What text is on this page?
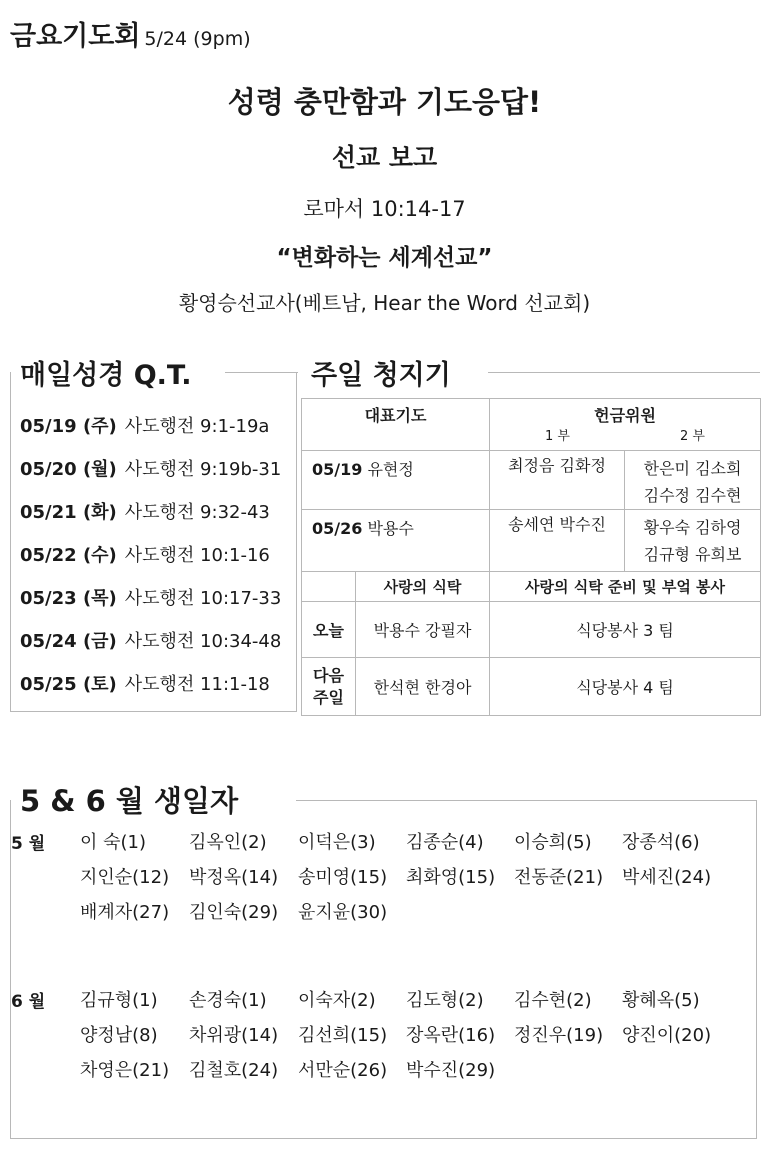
금요기도회 5/24 (9pm)
성령 충만함과 기도응답!
선교 보고
로마서 10:14-17
“변화하는 세계선교”
황영승선교사(베트남, Hear the Word 선교회)
매일성경 Q.T.
05/19 (주) 사도행전 9:1-19a
05/20 (월) 사도행전 9:19b-31
05/21 (화) 사도행전 9:32-43
05/22 (수) 사도행전 10:1-16
05/23 (목) 사도행전 10:17-33
05/24 (금) 사도행전 10:34-48
05/25 (토) 사도행전 11:1-18
주일 청지기
대표기도		헌금위원
1 부 2 부	

05/19 유현정		최정음 김화정	한은미 김소희
김수정 김수현

05/26 박용수		송세연 박수진	황우숙 김하영
김규형 유희보

	사랑의 식탁	사랑의 식탁 준비 및 부엌 봉사	
오늘	박용수 강필자	식당봉사 3 팀	

다음
주일	한석현 한경아	식당봉사 4 팀	
5 & 6 월 생일자
5 월 이 숙(1) 김옥인(2) 이덕은(3) 김종순(4) 이승희(5) 장종석(6)
지인순(12) 박정옥(14) 송미영(15) 최화영(15) 전동준(21) 박세진(24)
배계자(27) 김인숙(29) 윤지윤(30)
6 월 김규형(1) 손경숙(1) 이숙자(2) 김도형(2) 김수현(2) 황혜옥(5)
양정남(8) 차위광(14) 김선희(15) 장옥란(16) 정진우(19) 양진이(20)
차영은(21) 김철호(24) 서만순(26) 박수진(29)
